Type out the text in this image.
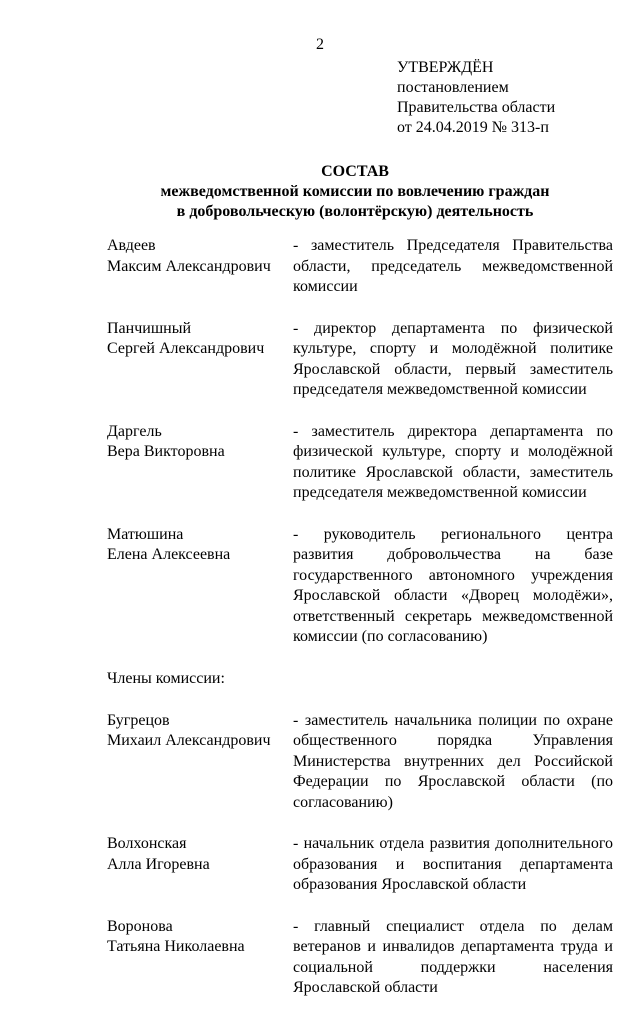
2
УТВЕРЖДЁН
постановлением
Правительства области
от 24.04.2019 № 313-п
СОСТАВ
межведомственной комиссии по вовлечению граждан
в добровольческую (волонтёрскую) деятельность
Авдеев
Максим Александрович
- заместитель Председателя Правительства области, председатель межведомственной комиссии
Панчишный
Сергей Александрович
- директор департамента по физической культуре, спорту и молодёжной политике Ярославской области, первый заместитель председателя межведомственной комиссии
Даргель
Вера Викторовна
- заместитель директора департамента по физической культуре, спорту и молодёжной политике Ярославской области, заместитель председателя межведомственной комиссии
Матюшина
Елена Алексеевна
- руководитель регионального центра развития добровольчества на базе государственного автономного учреждения Ярославской области «Дворец молодёжи», ответственный секретарь межведомственной комиссии (по согласованию)
Члены комиссии:
Бугрецов
Михаил Александрович
- заместитель начальника полиции по охране общественного порядка Управления Министерства внутренних дел Российской Федерации по Ярославской области (по согласованию)
Волхонская
Алла Игоревна
- начальник отдела развития дополнительного образования и воспитания департамента образования Ярославской области
Воронова
Татьяна Николаевна
- главный специалист отдела по делам ветеранов и инвалидов департамента труда и социальной поддержки населения Ярославской области
